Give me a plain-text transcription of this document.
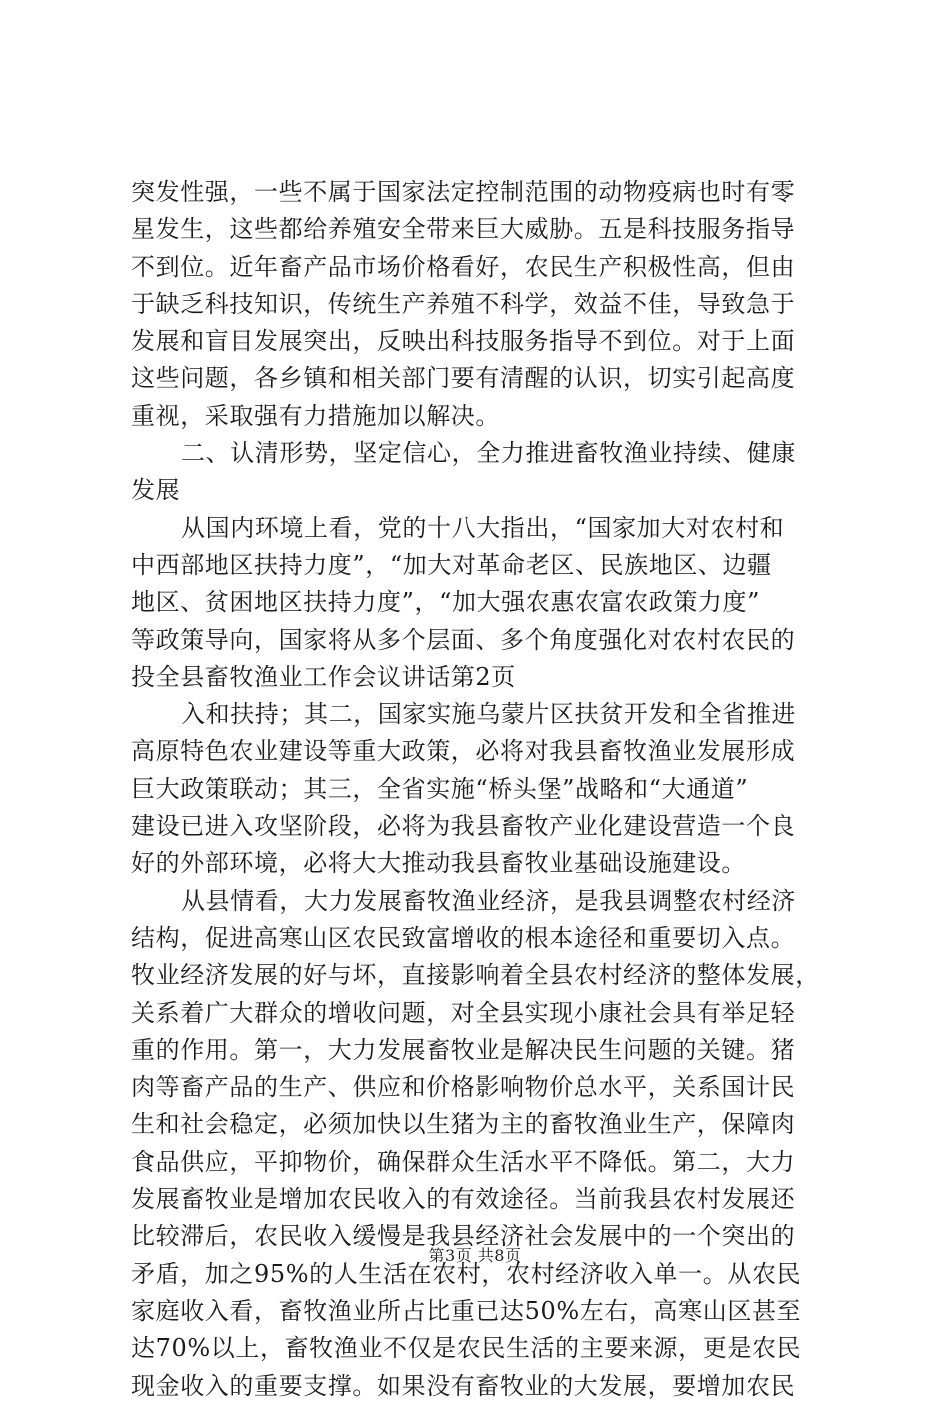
突发性强，一些不属于国家法定控制范围的动物疫病也时有零
星发生，这些都给养殖安全带来巨大威胁。五是科技服务指导
不到位。近年畜产品市场价格看好，农民生产积极性高，但由
于缺乏科技知识，传统生产养殖不科学，效益不佳，导致急于
发展和盲目发展突出，反映出科技服务指导不到位。对于上面
这些问题，各乡镇和相关部门要有清醒的认识，切实引起高度
重视，采取强有力措施加以解决。
二、认清形势，坚定信心，全力推进畜牧渔业持续、健康
发展
从国内环境上看，党的十八大指出，“国家加大对农村和
中西部地区扶持力度”，“加大对革命老区、民族地区、边疆
地区、贫困地区扶持力度”，“加大强农惠农富农政策力度”
等政策导向，国家将从多个层面、多个角度强化对农村农民的
投全县畜牧渔业工作会议讲话第2页
入和扶持；其二，国家实施乌蒙片区扶贫开发和全省推进
高原特色农业建设等重大政策，必将对我县畜牧渔业发展形成
巨大政策联动；其三，全省实施“桥头堡”战略和“大通道”
建设已进入攻坚阶段，必将为我县畜牧产业化建设营造一个良
好的外部环境，必将大大推动我县畜牧业基础设施建设。
从县情看，大力发展畜牧渔业经济，是我县调整农村经济
结构，促进高寒山区农民致富增收的根本途径和重要切入点。
牧业经济发展的好与坏，直接影响着全县农村经济的整体发展，
关系着广大群众的增收问题，对全县实现小康社会具有举足轻
重的作用。第一，大力发展畜牧业是解决民生问题的关键。猪
肉等畜产品的生产、供应和价格影响物价总水平，关系国计民
生和社会稳定，必须加快以生猪为主的畜牧渔业生产，保障肉
食品供应，平抑物价，确保群众生活水平不降低。第二，大力
发展畜牧业是增加农民收入的有效途径。当前我县农村发展还
比较滞后，农民收入缓慢是我县经济社会发展中的一个突出的
矛盾，加之95%的人生活在农村，农村经济收入单一。从农民
家庭收入看，畜牧渔业所占比重已达50%左右，高寒山区甚至
达70%以上，畜牧渔业不仅是农民生活的主要来源，更是农民
现金收入的重要支撑。如果没有畜牧业的大发展，要增加农民
第3页 共8页
